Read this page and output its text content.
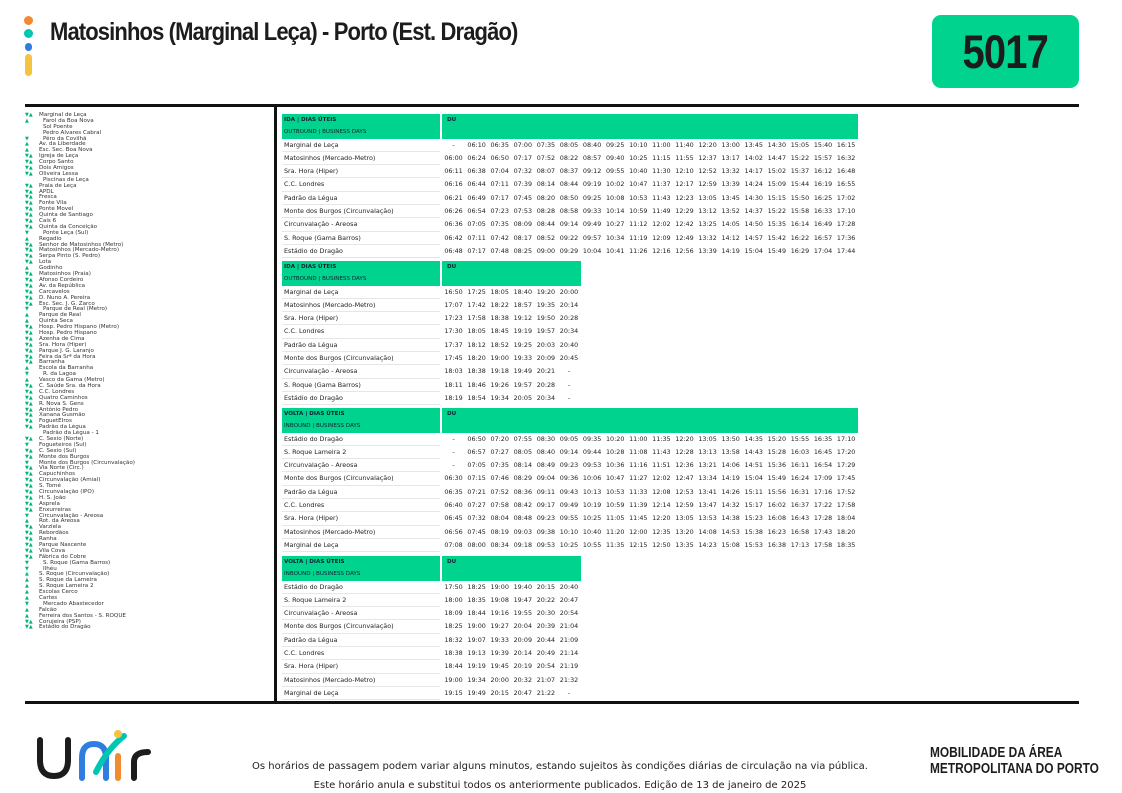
Matosinhos (Marginal Leça) - Porto (Est. Dragão)	5017
▼▲ Marginal de Leça
▲	Farol da Boa Nova
Sol Poente
Pedro Alvares Cabral
▼	Pêro da Covilhã
▲ Av. da Liberdade
▲ Esc. Sec. Boa Nova
▼▲ Igreja de Leça
▼▲ Corpo Santo
▼▲ Dois Amigos
▼▲ Oliveira Lessa
Piscinas de Leça
▼▲ Praia de Leça
▼▲ APDL
▼▲ Fresca
▼▲ Fonte Vila
▼▲ Ponte Movel
▼▲ Quinta de Santiago
▼▲ Cais 6
▼▲ Quinta da Conceição
▼	Ponte Leça (Sul)
▲ Regadio
▼▲ Senhor de Matosinhos (Metro)
▼▲ Matosinhos (Mercado-Metro)
▼▲ Serpa Pinto (S. Pedro)
▼▲ Lota
▲ Godinho
▼▲ Matosinhos (Praia)
▼▲ Afonso Cordeiro
▼▲ Av. da República
▼▲ Carcavelos
▼▲ D. Nuno A. Pereira
▼▲ Esc. Sec. J. G. Zarco
▼	Parque de Real (Metro)
▲ Parque de Real
▲ Quinta Seca
▼▲ Hosp. Pedro Hispano (Metro)
▼▲ Hosp. Pedro Hispano
▼▲ Azenha de Cima
▼▲ Sra. Hora (Hiper)
▼▲ Parque J. G. Laranjo
▼▲ Feira da Srª da Hora
▼▲ Barranha
▲ Escola da Barranha
▼	R. da Lagoa
▲ Vasco da Gama (Metro)
▼▲ C. Saúde Sra. da Hora
▼▲ C.C. Londres
▼▲ Quatro Caminhos
▼▲ R. Nova S. Gens
▼▲ António Pedro
▼▲ Xanana Gusmão
▼▲ FoguetEIros
▼▲ Padrão da Légua
Padrão da Légua - 1
▼▲ C. Sexio (Norte)
▼ Fogueteiros (Sul)
▼▲ C. Sexio (Sul)
▼▲ Monte dos Burgos
▼ Monte dos Burgos (Circunvalação)
▼▲ Via Norte (Circ.)
▼▲ Capuchinhos
▼▲ Circunvalação (Amial)
▼▲ S. Tomé
▼▲ Circunvalação (IPO)
▼▲ H. S. João
▼▲ Asprela
▼▲ Enxurreiras
▼ Circunvalação - Areosa
▲ Rot. da Areosa
▼▲ Varziela
▼▲ Rebordãos
▼▲ Ranha
▼▲ Parque Nascente
▼▲ Vila Cova
▼▲ Fábrica do Cobre
▼	S. Roque (Gama Barros)
▼	Ilhéu
▲ S. Roque (Circunvalação)
▲ S. Roque da Lameira
▲ S. Roque Lameira 2
▲ Escolas Cerco
▲ Cartes
▼	Mercado Abastecedor
▲ Falcão
▲ Ferreira dos Santos - S. ROQUE
▼▲ Corujeira (PSP)
▼▲ Estádio do Dragão
IDA | DIAS ÚTEIS		DU																	
OUTBOUND | BUSINESS DAYS																			
Marginal de Leça		-	06:10	06:35	07:00	07:35	08:05	08:40	09:25	10:10	11:00	11:40	12:20	13:00	13:45	14:30	15:05	15:40	16:15
Matosinhos (Mercado-Metro)		06:00	06:24	06:50	07:17	07:52	08:22	08:57	09:40	10:25	11:15	11:55	12:37	13:17	14:02	14:47	15:22	15:57	16:32
Sra. Hora (Hiper)		06:11	06:38	07:04	07:32	08:07	08:37	09:12	09:55	10:40	11:30	12:10	12:52	13:32	14:17	15:02	15:37	16:12	16:48
C.C. Londres		06:16	06:44	07:11	07:39	08:14	08:44	09:19	10:02	10:47	11:37	12:17	12:59	13:39	14:24	15:09	15:44	16:19	16:55
Padrão da Légua		06:21	06:49	07:17	07:45	08:20	08:50	09:25	10:08	10:53	11:43	12:23	13:05	13:45	14:30	15:15	15:50	16:25	17:02
Monte dos Burgos (Circunvalação)		06:26	06:54	07:23	07:53	08:28	08:58	09:33	10:14	10:59	11:49	12:29	13:12	13:52	14:37	15:22	15:58	16:33	17:10
Circunvalação - Areosa		06:36	07:05	07:35	08:09	08:44	09:14	09:49	10:27	11:12	12:02	12:42	13:25	14:05	14:50	15:35	16:14	16:49	17:28
S. Roque (Gama Barros)		06:42	07:11	07:42	08:17	08:52	09:22	09:57	10:34	11:19	12:09	12:49	13:32	14:12	14:57	15:42	16:22	16:57	17:36
Estádio do Dragão		06:48	07:17	07:48	08:25	09:00	09:29	10:04	10:41	11:26	12:16	12:56	13:39	14:19	15:04	15:49	16:29	17:04	17:44
IDA | DIAS ÚTEIS		DU					
OUTBOUND | BUSINESS DAYS							
Marginal de Leça		16:50	17:25	18:05	18:40	19:20	20:00
Matosinhos (Mercado-Metro)		17:07	17:42	18:22	18:57	19:35	20:14
Sra. Hora (Hiper)		17:23	17:58	18:38	19:12	19:50	20:28
C.C. Londres		17:30	18:05	18:45	19:19	19:57	20:34
Padrão da Légua		17:37	18:12	18:52	19:25	20:03	20:40
Monte dos Burgos (Circunvalação)		17:45	18:20	19:00	19:33	20:09	20:45
Circunvalação - Areosa		18:03	18:38	19:18	19:49	20:21	-
S. Roque (Gama Barros)		18:11	18:46	19:26	19:57	20:28	-
Estádio do Dragão		18:19	18:54	19:34	20:05	20:34	-
VOLTA | DIAS ÚTEIS		DU																	
INBOUND | BUSINESS DAYS																			
Estádio do Dragão		-	06:50	07:20	07:55	08:30	09:05	09:35	10:20	11:00	11:35	12:20	13:05	13:50	14:35	15:20	15:55	16:35	17:10
S. Roque Lameira 2		-	06:57	07:27	08:05	08:40	09:14	09:44	10:28	11:08	11:43	12:28	13:13	13:58	14:43	15:28	16:03	16:45	17:20
Circunvalação - Areosa		-	07:05	07:35	08:14	08:49	09:23	09:53	10:36	11:16	11:51	12:36	13:21	14:06	14:51	15:36	16:11	16:54	17:29
Monte dos Burgos (Circunvalação)		06:30	07:15	07:46	08:29	09:04	09:36	10:06	10:47	11:27	12:02	12:47	13:34	14:19	15:04	15:49	16:24	17:09	17:45
Padrão da Légua		06:35	07:21	07:52	08:36	09:11	09:43	10:13	10:53	11:33	12:08	12:53	13:41	14:26	15:11	15:56	16:31	17:16	17:52
C.C. Londres		06:40	07:27	07:58	08:42	09:17	09:49	10:19	10:59	11:39	12:14	12:59	13:47	14:32	15:17	16:02	16:37	17:22	17:58
Sra. Hora (Hiper)		06:45	07:32	08:04	08:48	09:23	09:55	10:25	11:05	11:45	12:20	13:05	13:53	14:38	15:23	16:08	16:43	17:28	18:04
Matosinhos (Mercado-Metro)		06:56	07:45	08:19	09:03	09:38	10:10	10:40	11:20	12:00	12:35	13:20	14:08	14:53	15:38	16:23	16:58	17:43	18:20
Marginal de Leça		07:08	08:00	08:34	09:18	09:53	10:25	10:55	11:35	12:15	12:50	13:35	14:23	15:08	15:53	16:38	17:13	17:58	18:35
VOLTA | DIAS ÚTEIS		DU					
INBOUND | BUSINESS DAYS							
Estádio do Dragão		17:50	18:25	19:00	19:40	20:15	20:40
S. Roque Lameira 2		18:00	18:35	19:08	19:47	20:22	20:47
Circunvalação - Areosa		18:09	18:44	19:16	19:55	20:30	20:54
Monte dos Burgos (Circunvalação)		18:25	19:00	19:27	20:04	20:39	21:04
Padrão da Légua		18:32	19:07	19:33	20:09	20:44	21:09
C.C. Londres		18:38	19:13	19:39	20:14	20:49	21:14
Sra. Hora (Hiper)		18:44	19:19	19:45	20:19	20:54	21:19
Matosinhos (Mercado-Metro)		19:00	19:34	20:00	20:32	21:07	21:32
Marginal de Leça		19:15	19:49	20:15	20:47	21:22	-
Os horários de passagem podem variar alguns minutos, estando sujeitos às condições diárias de circulação na via pública.
Este horário anula e substitui todos os anteriormente publicados. Edição de 13 de janeiro de 2025
MOBILIDADE DA ÁREA
METROPOLITANA DO PORTO
